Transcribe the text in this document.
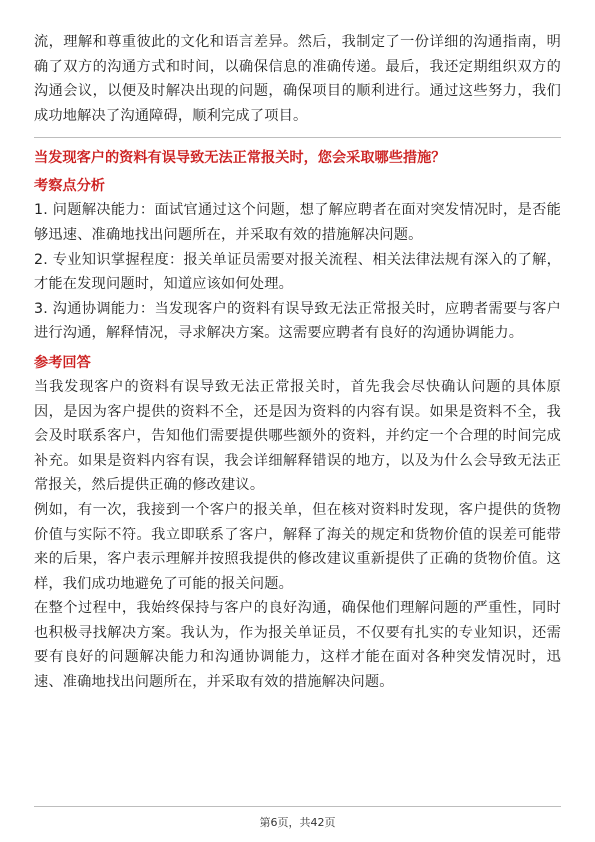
流，理解和尊重彼此的文化和语言差异。然后，我制定了一份详细的沟通指南，明确了双方的沟通方式和时间，以确保信息的准确传递。最后，我还定期组织双方的沟通会议，以便及时解决出现的问题，确保项目的顺利进行。通过这些努力，我们成功地解决了沟通障碍，顺利完成了项目。

当发现客户的资料有误导致无法正常报关时，您会采取哪些措施？

考察点分析

1. 问题解决能力：面试官通过这个问题，想了解应聘者在面对突发情况时，是否能够迅速、准确地找出问题所在，并采取有效的措施解决问题。

2. 专业知识掌握程度：报关单证员需要对报关流程、相关法律法规有深入的了解，才能在发现问题时，知道应该如何处理。

3. 沟通协调能力：当发现客户的资料有误导致无法正常报关时，应聘者需要与客户进行沟通，解释情况，寻求解决方案。这需要应聘者有良好的沟通协调能力。

参考回答

当我发现客户的资料有误导致无法正常报关时，首先我会尽快确认问题的具体原因，是因为客户提供的资料不全，还是因为资料的内容有误。如果是资料不全，我会及时联系客户，告知他们需要提供哪些额外的资料，并约定一个合理的时间完成补充。如果是资料内容有误，我会详细解释错误的地方，以及为什么会导致无法正常报关，然后提供正确的修改建议。

例如，有一次，我接到一个客户的报关单，但在核对资料时发现，客户提供的货物价值与实际不符。我立即联系了客户，解释了海关的规定和货物价值的误差可能带来的后果，客户表示理解并按照我提供的修改建议重新提供了正确的货物价值。这样，我们成功地避免了可能的报关问题。

在整个过程中，我始终保持与客户的良好沟通，确保他们理解问题的严重性，同时也积极寻找解决方案。我认为，作为报关单证员，不仅要有扎实的专业知识，还需要有良好的问题解决能力和沟通协调能力，这样才能在面对各种突发情况时，迅速、准确地找出问题所在，并采取有效的措施解决问题。

第6页，共42页
